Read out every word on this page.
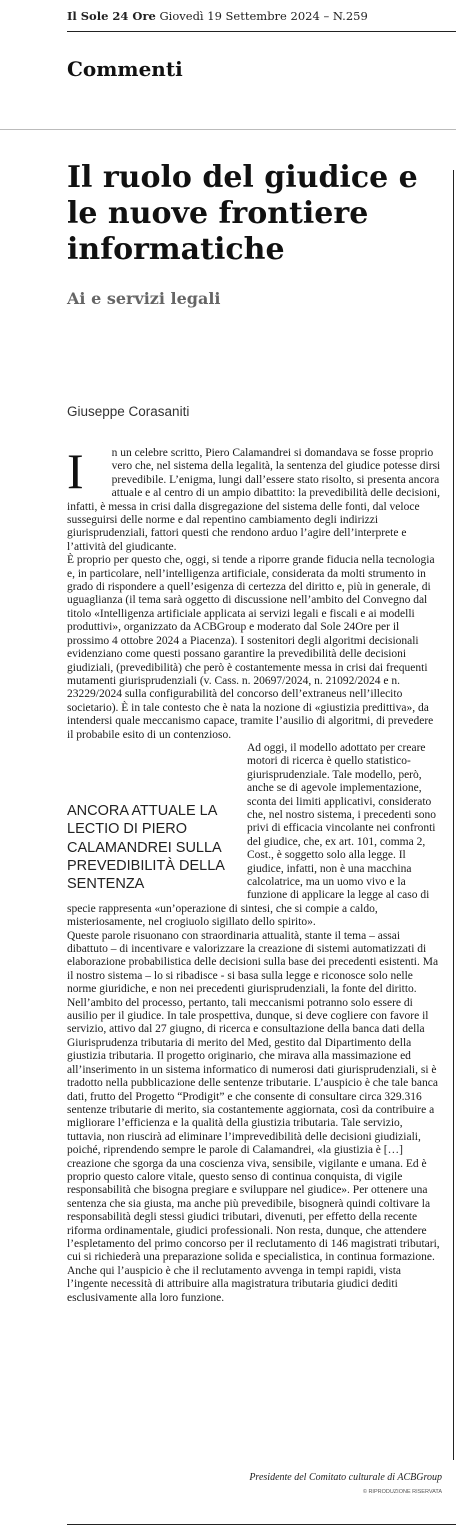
Il Sole 24 Ore Giovedì 19 Settembre 2024 – N.259
Commenti
Il ruolo del giudice e le nuove frontiere informatiche
Ai e servizi legali
Giuseppe Corasaniti
I	n un celebre scritto, Piero Calamandrei si domandava se fosse proprio vero che, nel sistema della legalità, la sentenza del giudice potesse dirsi prevedibile. L’enigma, lungi dall’essere stato risolto, si presenta ancora attuale e al centro di un ampio dibattito: la prevedibilità delle decisioni, infatti, è messa in crisi dalla disgregazione del sistema delle fonti, dal veloce susseguirsi delle norme e dal repentino cambiamento degli indirizzi giurisprudenziali, fattori questi che rendono arduo l’agire dell’interprete e l’attività del giudicante.
È proprio per questo che, oggi, si tende a riporre grande fiducia nella tecnologia e, in particolare, nell’intelligenza artificiale, considerata da molti strumento in grado di rispondere a quell’esigenza di certezza del diritto e, più in generale, di uguaglianza (il tema sarà oggetto di discussione nell’ambito del Convegno dal titolo «Intelligenza artificiale applicata ai servizi legali e fiscali e ai modelli produttivi», organizzato da ACBGroup e moderato dal Sole 24Ore per il prossimo 4 ottobre 2024 a Piacenza). I sostenitori degli algoritmi decisionali evidenziano come questi possano garantire la prevedibilità delle decisioni giudiziali, (prevedibilità) che però è costantemente messa in crisi dai frequenti mutamenti giurisprudenziali (v. Cass. n. 20697/2024, n. 21092/2024 e n. 23229/2024 sulla configurabilità del concorso dell’extraneus nell’illecito societario). È in tale contesto che è nata la nozione di «giustizia predittiva», da intendersi quale meccanismo capace, tramite l’ausilio di algoritmi, di prevedere il probabile esito di un contenzioso.
ANCORA ATTUALE LA LECTIO DI PIERO CALAMANDREI SULLA PREVEDIBILITÀ DELLA SENTENZA
Ad oggi, il modello adottato per creare motori di ricerca è quello statistico-giurisprudenziale. Tale modello, però, anche se di agevole implementazione, sconta dei limiti applicativi, considerato che, nel nostro sistema, i precedenti sono privi di efficacia vincolante nei confronti del giudice, che, ex art. 101, comma 2, Cost., è soggetto solo alla legge. Il giudice, infatti, non è una macchina calcolatrice, ma un uomo vivo e la funzione di applicare la legge al caso di specie rappresenta «un’operazione di sintesi, che si compie a caldo, misteriosamente, nel crogiuolo sigillato dello spirito».
Queste parole risuonano con straordinaria attualità, stante il tema – assai dibattuto – di incentivare e valorizzare la creazione di sistemi automatizzati di elaborazione probabilistica delle decisioni sulla base dei precedenti esistenti. Ma il nostro sistema – lo si ribadisce - si basa sulla legge e riconosce solo nelle norme giuridiche, e non nei precedenti giurisprudenziali, la fonte del diritto. Nell’ambito del processo, pertanto, tali meccanismi potranno solo essere di ausilio per il giudice. In tale prospettiva, dunque, si deve cogliere con favore il servizio, attivo dal 27 giugno, di ricerca e consultazione della banca dati della Giurisprudenza tributaria di merito del Med, gestito dal Dipartimento della giustizia tributaria. Il progetto originario, che mirava alla massimazione ed all’inserimento in un sistema informatico di numerosi dati giurisprudenziali, si è tradotto nella pubblicazione delle sentenze tributarie. L’auspicio è che tale banca dati, frutto del Progetto “Prodigit” e che consente di consultare circa 329.316 sentenze tributarie di merito, sia costantemente aggiornata, così da contribuire a migliorare l’efficienza e la qualità della giustizia tributaria. Tale servizio, tuttavia, non riuscirà ad eliminare l’imprevedibilità delle decisioni giudiziali, poiché, riprendendo sempre le parole di Calamandrei, «la giustizia è […] creazione che sgorga da una coscienza viva, sensibile, vigilante e umana. Ed è proprio questo calore vitale, questo senso di continua conquista, di vigile responsabilità che bisogna pregiare e sviluppare nel giudice». Per ottenere una sentenza che sia giusta, ma anche più prevedibile, bisognerà quindi coltivare la responsabilità degli stessi giudici tributari, divenuti, per effetto della recente riforma ordinamentale, giudici professionali. Non resta, dunque, che attendere l’espletamento del primo concorso per il reclutamento di 146 magistrati tributari, cui si richiederà una preparazione solida e specialistica, in continua formazione. Anche qui l’auspicio è che il reclutamento avvenga in tempi rapidi, vista l’ingente necessità di attribuire alla magistratura tributaria giudici dediti esclusivamente alla loro funzione.
Presidente del Comitato culturale di ACBGroup
© RIPRODUZIONE RISERVATA
